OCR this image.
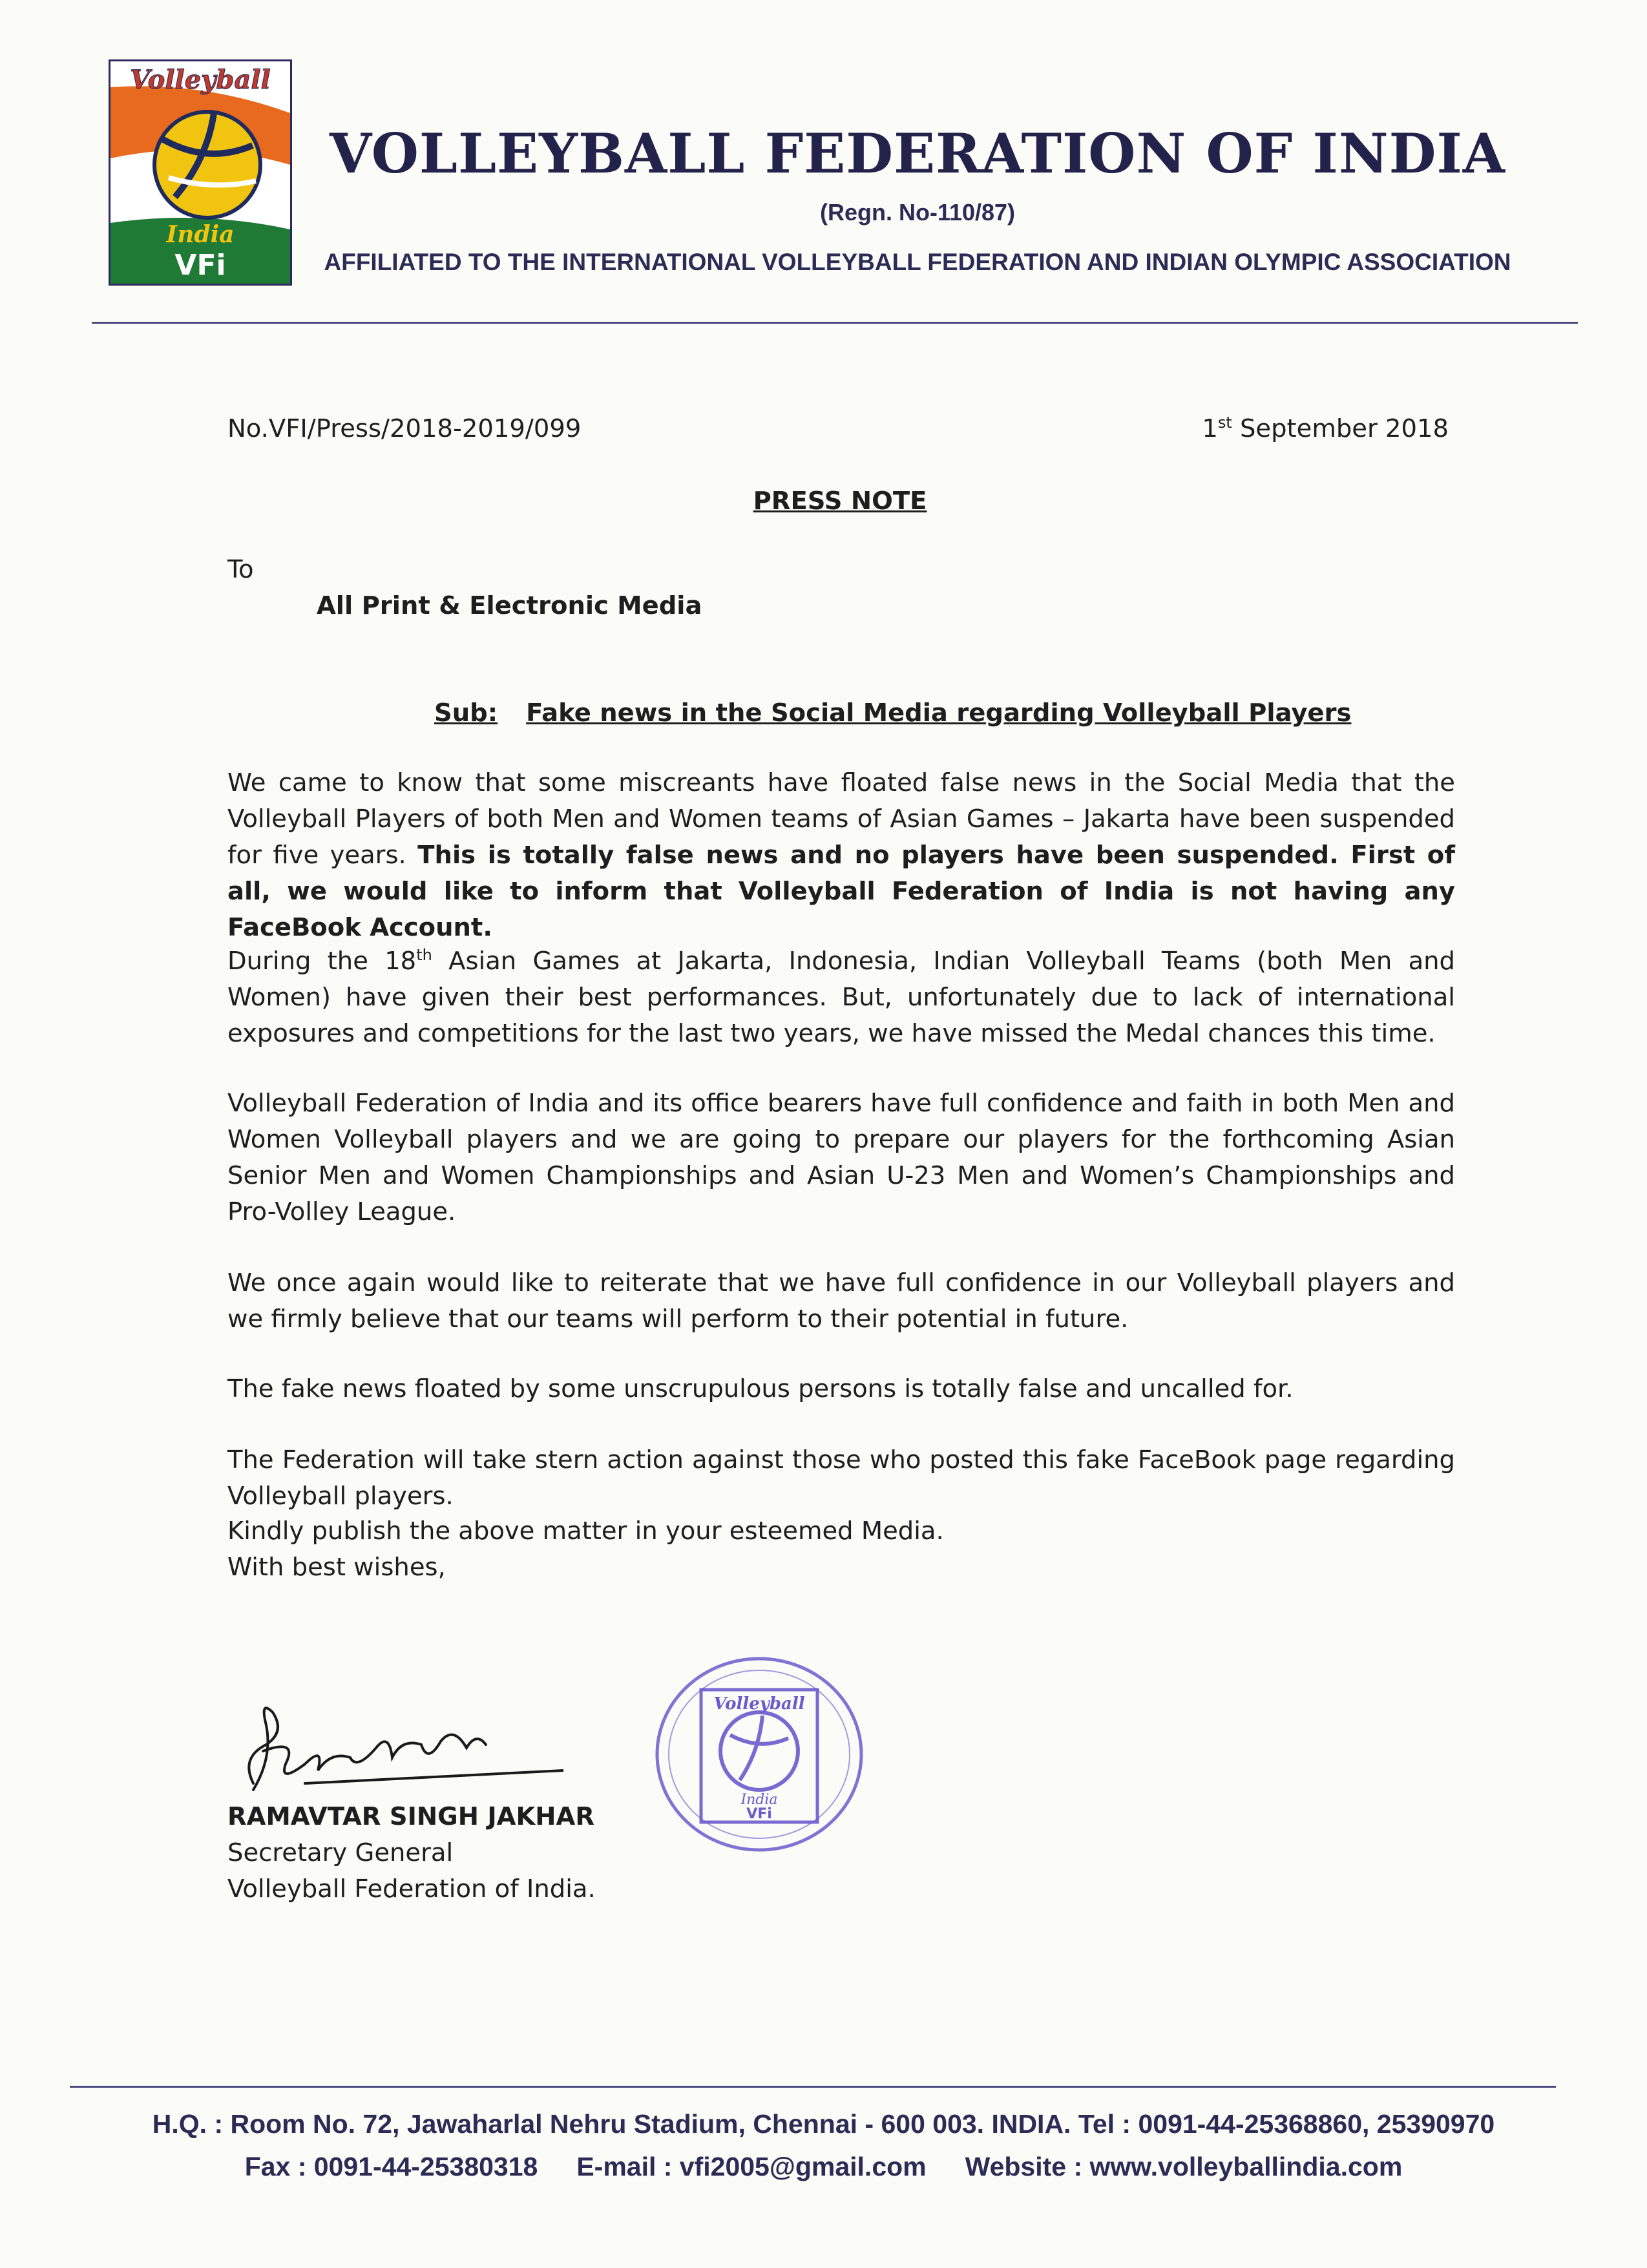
Volleyball
India
VFi
VOLLEYBALL FEDERATION OF INDIA
(Regn. No-110/87)
AFFILIATED TO THE INTERNATIONAL VOLLEYBALL FEDERATION AND INDIAN OLYMPIC ASSOCIATION
No.VFI/Press/2018-2019/099	1st September 2018
PRESS NOTE
To
All Print & Electronic Media
Sub: Fake news in the Social Media regarding Volleyball Players
We came to know that some miscreants have floated false news in the Social Media that the Volleyball Players of both Men and Women teams of Asian Games – Jakarta have been suspended for five years. This is totally false news and no players have been suspended. First of all, we would like to inform that Volleyball Federation of India is not having any FaceBook Account.
During the 18th Asian Games at Jakarta, Indonesia, Indian Volleyball Teams (both Men and Women) have given their best performances. But, unfortunately due to lack of international exposures and competitions for the last two years, we have missed the Medal chances this time.
Volleyball Federation of India and its office bearers have full confidence and faith in both Men and Women Volleyball players and we are going to prepare our players for the forthcoming Asian Senior Men and Women Championships and Asian U-23 Men and Women’s Championships and Pro-Volley League.
We once again would like to reiterate that we have full confidence in our Volleyball players and we firmly believe that our teams will perform to their potential in future.
The fake news floated by some unscrupulous persons is totally false and uncalled for.
The Federation will take stern action against those who posted this fake FaceBook page regarding Volleyball players.
Kindly publish the above matter in your esteemed Media.
With best wishes,
Volleyball
India
VFi
RAMAVTAR SINGH JAKHAR
Secretary General
Volleyball Federation of India.
H.Q. : Room No. 72, Jawaharlal Nehru Stadium, Chennai - 600 003. INDIA. Tel : 0091-44-25368860, 25390970
Fax : 0091-44-25380318 E-mail : vfi2005@gmail.com Website : www.volleyballindia.com
